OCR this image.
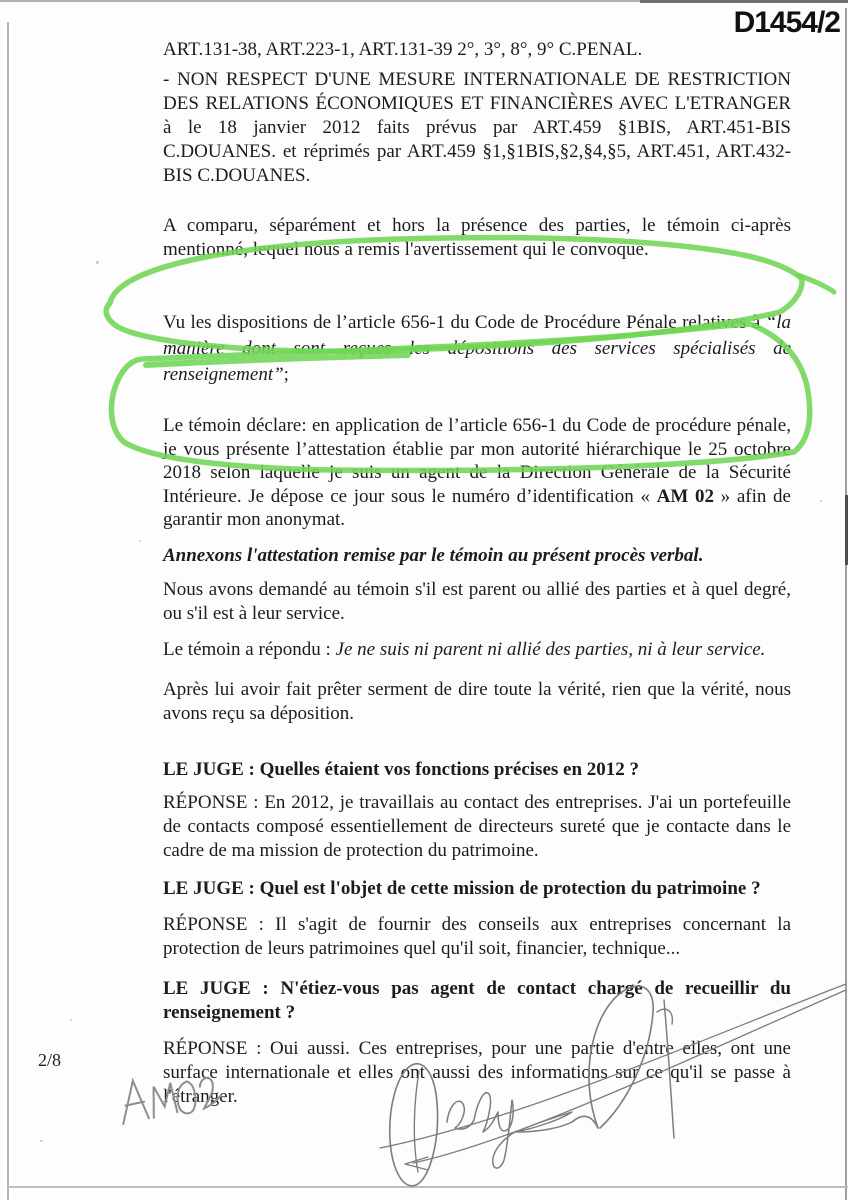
D1454/2

ART.131-38, ART.223-1, ART.131-39 2°, 3°, 8°, 9° C.PENAL.

- NON RESPECT D'UNE MESURE INTERNATIONALE DE RESTRICTION DES RELATIONS ÉCONOMIQUES ET FINANCIÈRES AVEC L'ETRANGER à le 18 janvier 2012 faits prévus par ART.459 §1BIS, ART.451-BIS C.DOUANES. et réprimés par ART.459 §1,§1BIS,§2,§4,§5, ART.451, ART.432-BIS C.DOUANES.

A comparu, séparément et hors la présence des parties, le témoin ci-après mentionné, lequel nous a remis l'avertissement qui le convoque.

Vu les dispositions de l’article 656-1 du Code de Procédure Pénale relatives à “la manière dont sont reçues les dépositions des services spécialisés de renseignement”;

Le témoin déclare: en application de l’article 656-1 du Code de procédure pénale, je vous présente l’attestation établie par mon autorité hiérarchique le 25 octobre 2018 selon laquelle je suis un agent de la Direction Générale de la Sécurité Intérieure. Je dépose ce jour sous le numéro d’identification « AM 02 » afin de garantir mon anonymat.

Annexons l'attestation remise par le témoin au présent procès verbal.

Nous avons demandé au témoin s'il est parent ou allié des parties et à quel degré, ou s'il est à leur service.

Le témoin a répondu : Je ne suis ni parent ni allié des parties, ni à leur service.

Après lui avoir fait prêter serment de dire toute la vérité, rien que la vérité, nous avons reçu sa déposition.

LE JUGE : Quelles étaient vos fonctions précises en 2012 ?

RÉPONSE : En 2012, je travaillais au contact des entreprises. J'ai un portefeuille de contacts composé essentiellement de directeurs sureté que je contacte dans le cadre de ma mission de protection du patrimoine.

LE JUGE : Quel est l'objet de cette mission de protection du patrimoine ?

RÉPONSE : Il s'agit de fournir des conseils aux entreprises concernant la protection de leurs patrimoines quel qu'il soit, financier, technique...

LE JUGE : N'étiez-vous pas agent de contact chargé de recueillir du renseignement ?

RÉPONSE : Oui aussi. Ces entreprises, pour une partie d'entre elles, ont une surface internationale et elles ont aussi des informations sur ce qu'il se passe à l'étranger.

2/8
